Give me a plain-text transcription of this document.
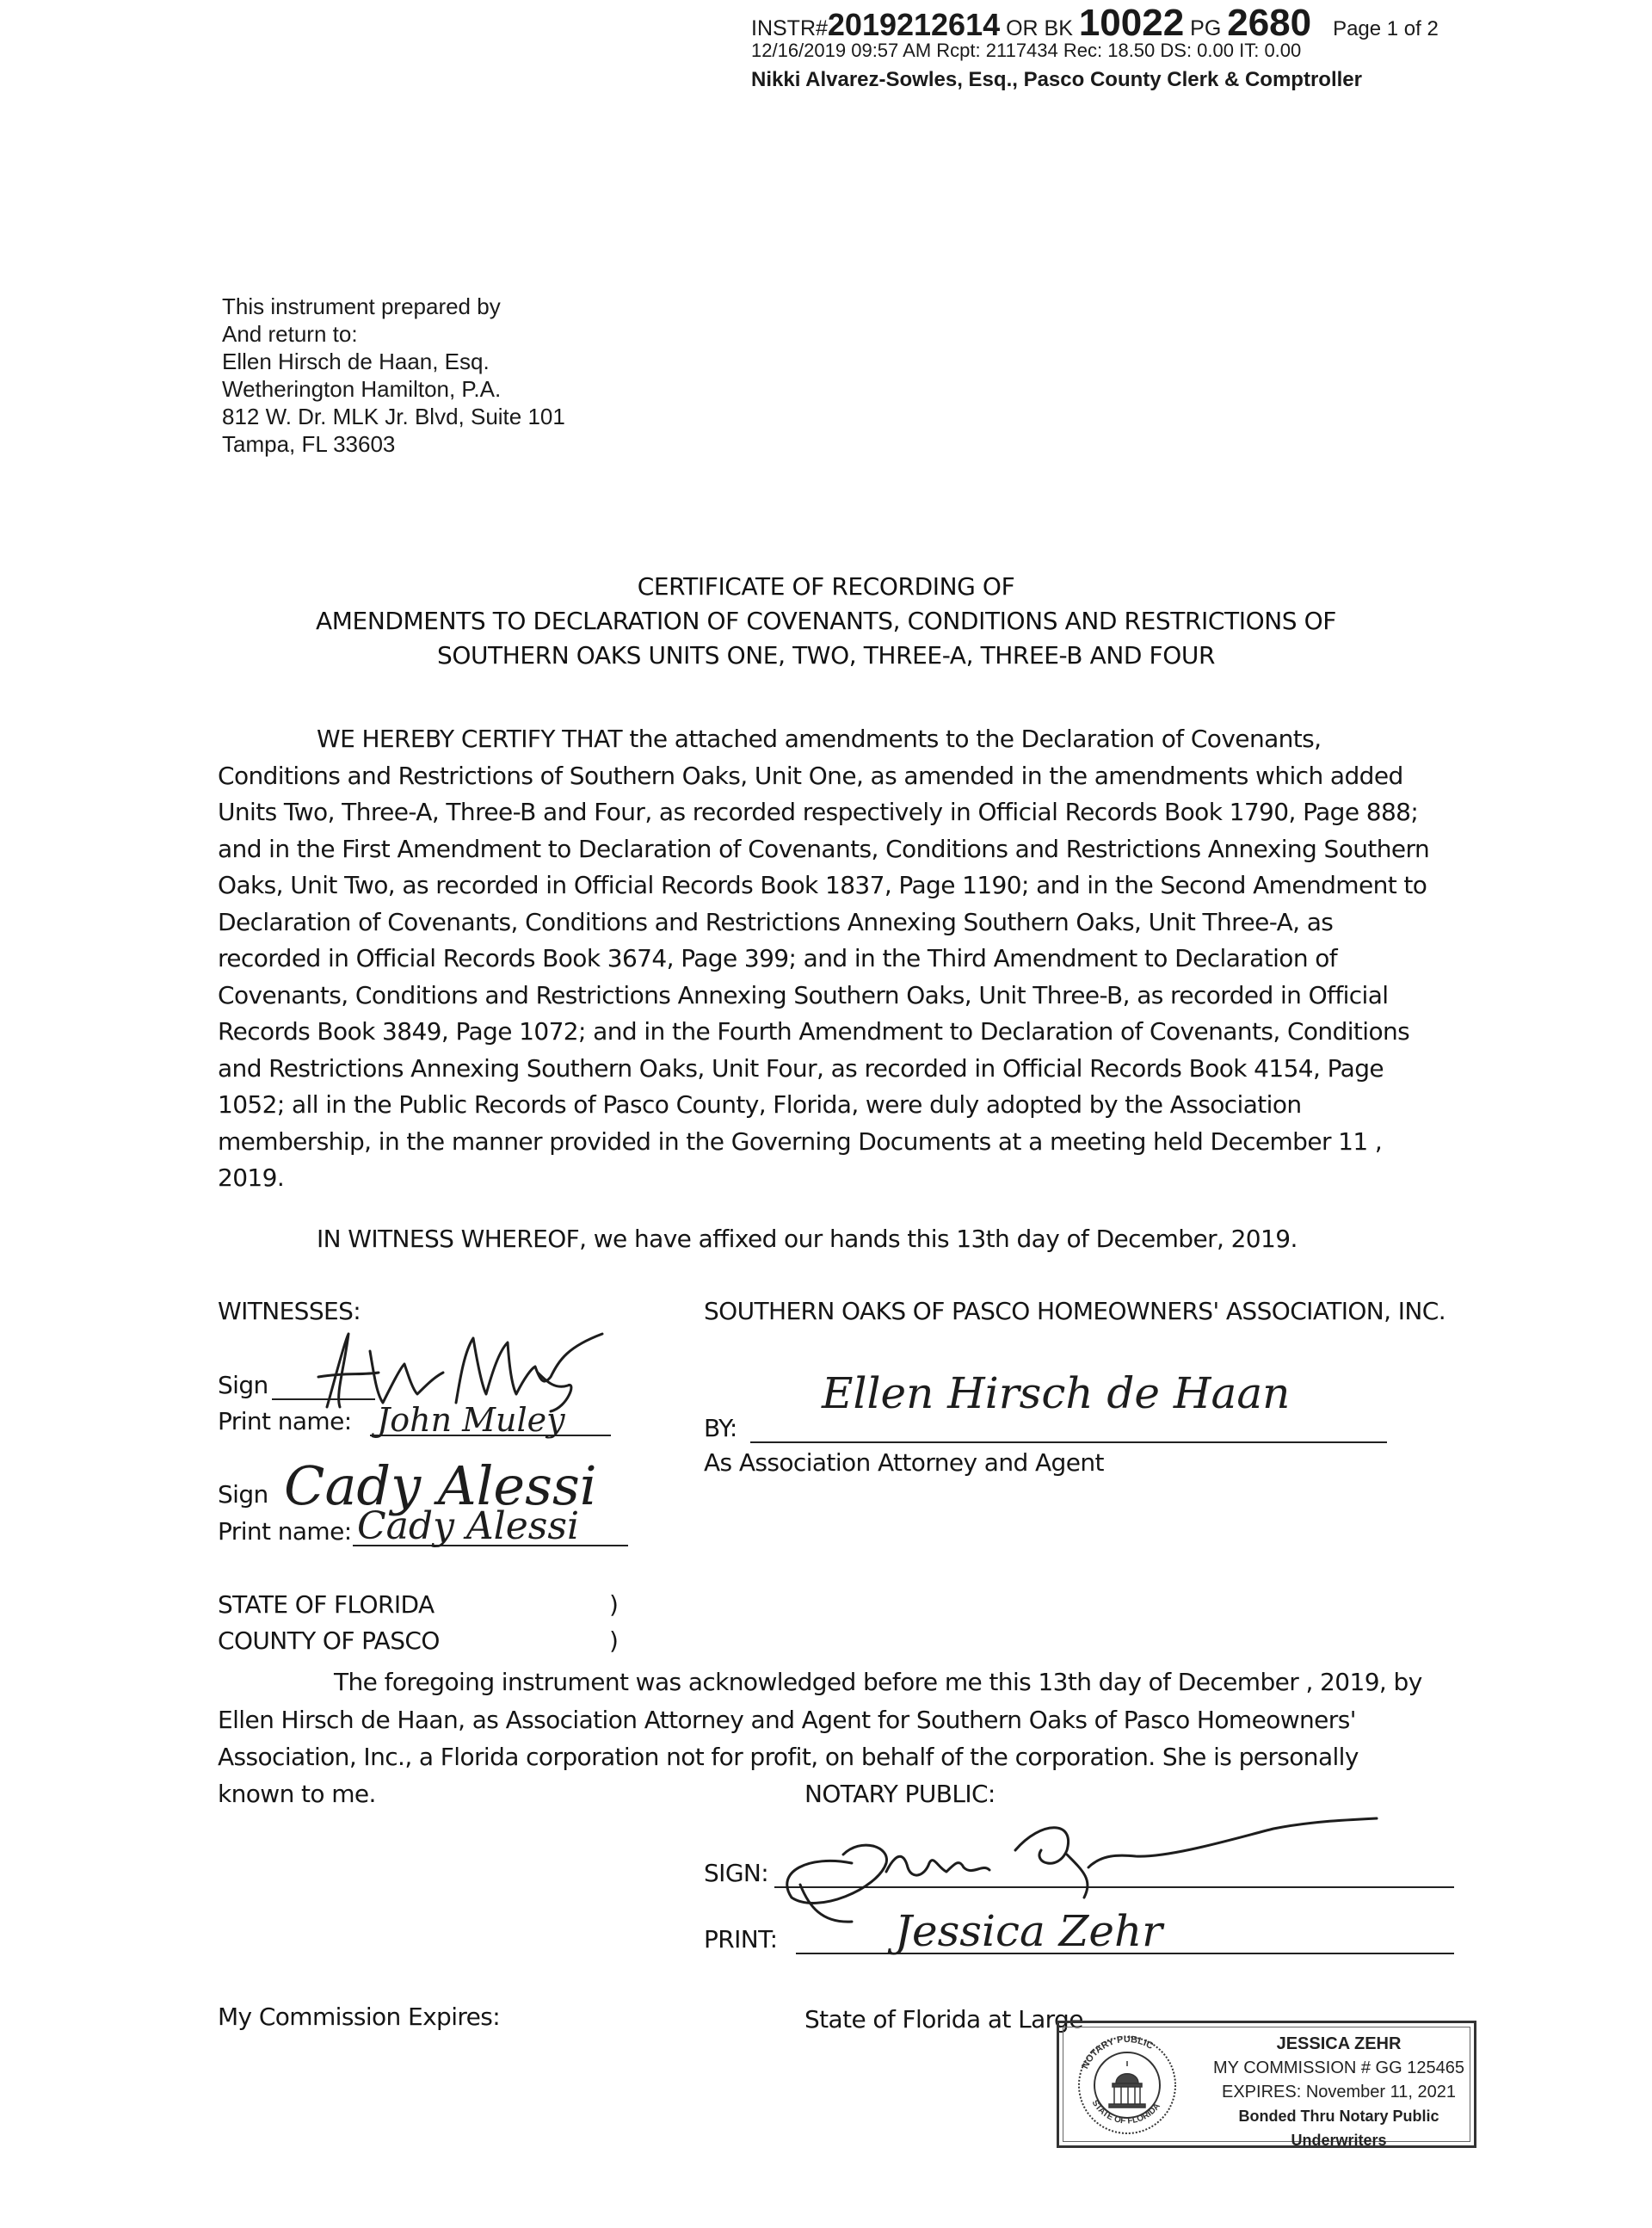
INSTR#2019212614 OR BK 10022 PG 2680 Page 1 of 2
12/16/2019 09:57 AM Rcpt: 2117434 Rec: 18.50 DS: 0.00 IT: 0.00
Nikki Alvarez-Sowles, Esq., Pasco County Clerk & Comptroller
This instrument prepared by
And return to:
Ellen Hirsch de Haan, Esq.
Wetherington Hamilton, P.A.
812 W. Dr. MLK Jr. Blvd, Suite 101
Tampa, FL 33603
CERTIFICATE OF RECORDING OF
AMENDMENTS TO DECLARATION OF COVENANTS, CONDITIONS AND RESTRICTIONS OF
SOUTHERN OAKS UNITS ONE, TWO, THREE-A, THREE-B AND FOUR
WE HEREBY CERTIFY THAT the attached amendments to the Declaration of Covenants,
Conditions and Restrictions of Southern Oaks, Unit One, as amended in the amendments which added
Units Two, Three-A, Three-B and Four, as recorded respectively in Official Records Book 1790, Page 888;
and in the First Amendment to Declaration of Covenants, Conditions and Restrictions Annexing Southern
Oaks, Unit Two, as recorded in Official Records Book 1837, Page 1190; and in the Second Amendment to
Declaration of Covenants, Conditions and Restrictions Annexing Southern Oaks, Unit Three-A, as
recorded in Official Records Book 3674, Page 399; and in the Third Amendment to Declaration of
Covenants, Conditions and Restrictions Annexing Southern Oaks, Unit Three-B, as recorded in Official
Records Book 3849, Page 1072; and in the Fourth Amendment to Declaration of Covenants, Conditions
and Restrictions Annexing Southern Oaks, Unit Four, as recorded in Official Records Book 4154, Page
1052; all in the Public Records of Pasco County, Florida, were duly adopted by the Association
membership, in the manner provided in the Governing Documents at a meeting held December 11 ,
2019.
IN WITNESS WHEREOF, we have affixed our hands this 13th day of December, 2019.
WITNESSES:	SOUTHERN OAKS OF PASCO HOMEOWNERS' ASSOCIATION, INC.
Sign
Print name: John Muley
Sign Cady Alessi
Print name: Cady Alessi
Ellen Hirsch de Haan
BY:
As Association Attorney and Agent
STATE OF FLORIDA	)
COUNTY OF PASCO	)
The foregoing instrument was acknowledged before me this 13th day of December , 2019, by
Ellen Hirsch de Haan, as Association Attorney and Agent for Southern Oaks of Pasco Homeowners'
Association, Inc., a Florida corporation not for profit, on behalf of the corporation. She is personally
known to me.	NOTARY PUBLIC:
SIGN:
PRINT:	Jessica Zehr
My Commission Expires:	State of Florida at Large
NOTARY PUBLIC
STATE OF FLORIDA
JESSICA ZEHR
MY COMMISSION # GG 125465
EXPIRES: November 11, 2021
Bonded Thru Notary Public Underwriters
